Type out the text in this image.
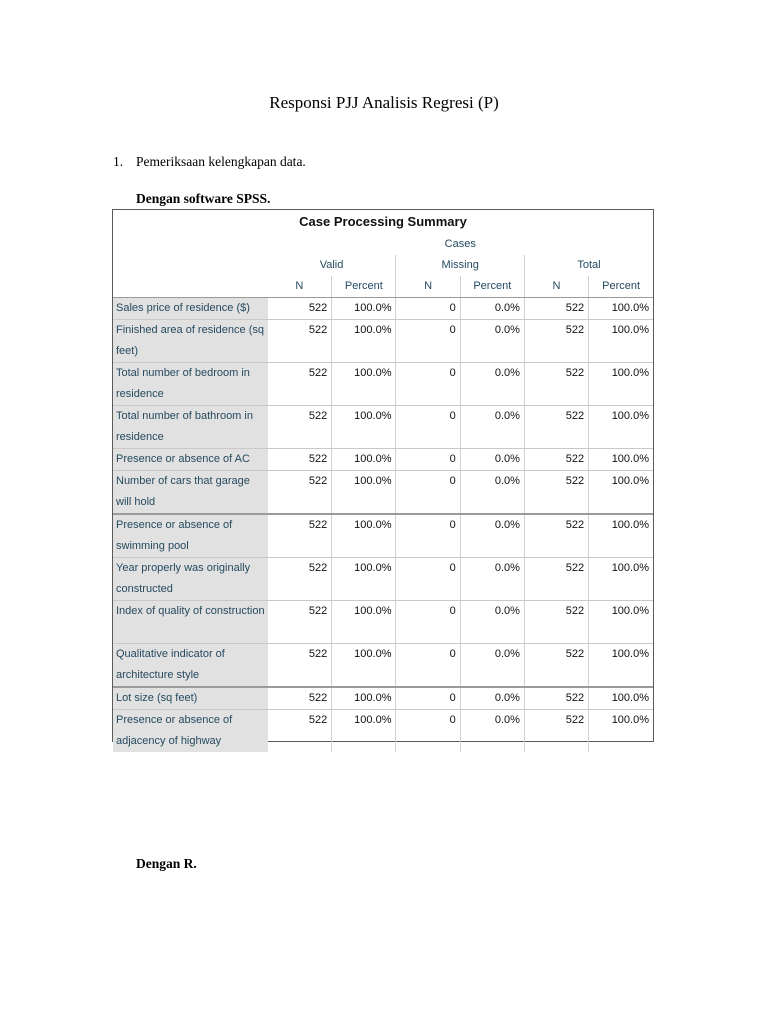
Responsi PJJ Analisis Regresi (P)
1. Pemeriksaan kelengkapan data.
Dengan software SPSS.
Case Processing Summary
	Cases					
	Valid		Missing		Total	
	N	Percent	N	Percent	N	Percent
Sales price of residence ($)	522	100.0%	0	0.0%	522	100.0%
Finished area of residence (sq feet)	522	100.0%	0	0.0%	522	100.0%
Total number of bedroom in residence	522	100.0%	0	0.0%	522	100.0%
Total number of bathroom in residence	522	100.0%	0	0.0%	522	100.0%
Presence or absence of AC	522	100.0%	0	0.0%	522	100.0%
Number of cars that garage will hold	522	100.0%	0	0.0%	522	100.0%
Presence or absence of swimming pool	522	100.0%	0	0.0%	522	100.0%
Year properly was originally constructed	522	100.0%	0	0.0%	522	100.0%
Index of quality of construction	522	100.0%	0	0.0%	522	100.0%
Qualitative indicator of architecture style	522	100.0%	0	0.0%	522	100.0%
Lot size (sq feet)	522	100.0%	0	0.0%	522	100.0%
Presence or absence of adjacency of highway	522	100.0%	0	0.0%	522	100.0%
Dengan R.
